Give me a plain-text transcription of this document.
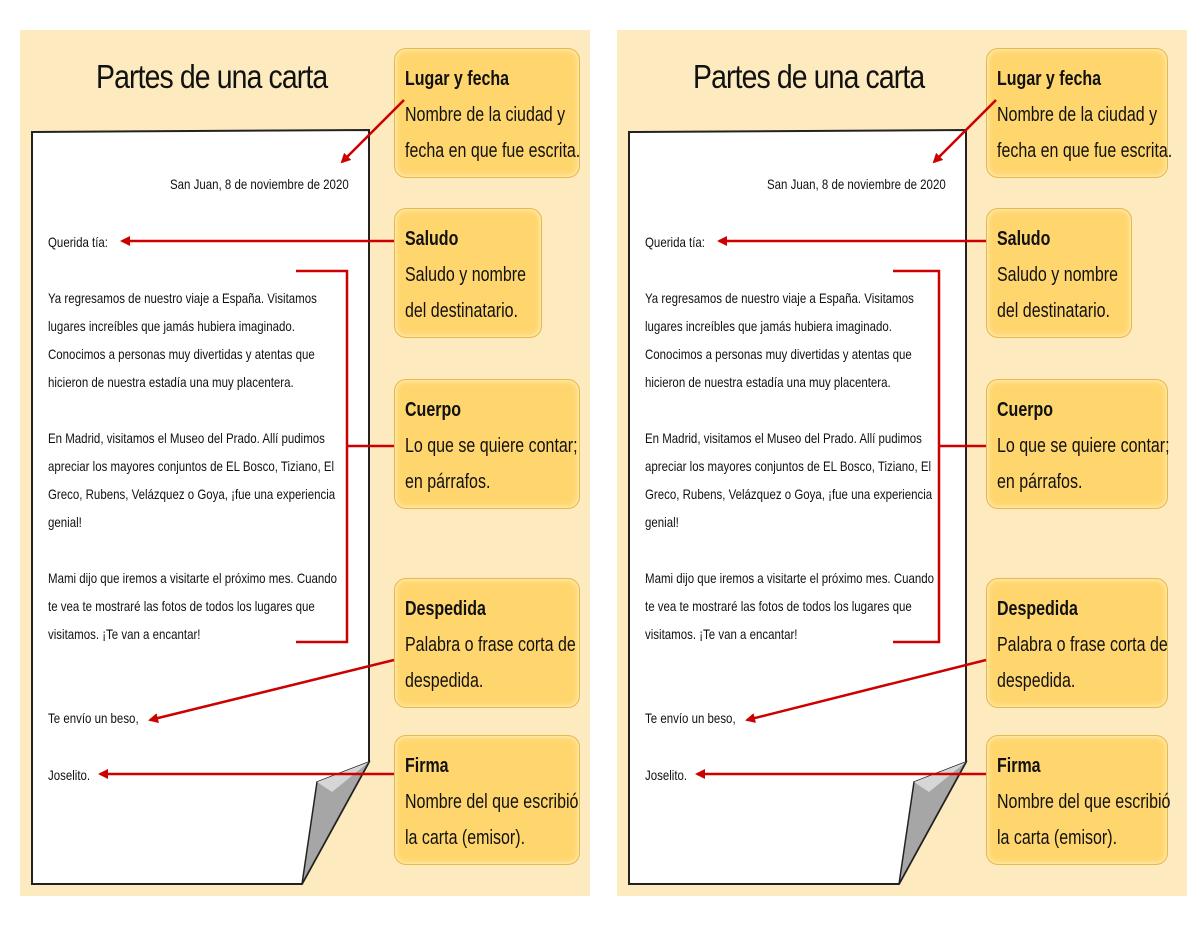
Partes de una carta
San Juan, 8 de noviembre de 2020
Querida tía:
Ya regresamos de nuestro viaje a España. Visitamos
lugares increíbles que jamás hubiera imaginado.
Conocimos a personas muy divertidas y atentas que
hicieron de nuestra estadía una muy placentera.
En Madrid, visitamos el Museo del Prado. Allí pudimos
apreciar los mayores conjuntos de EL Bosco, Tiziano, El
Greco, Rubens, Velázquez o Goya, ¡fue una experiencia
genial!
Mami dijo que iremos a visitarte el próximo mes. Cuando
te vea te mostraré las fotos de todos los lugares que
visitamos. ¡Te van a encantar!
Te envío un beso,
Joselito.
Lugar y fecha
Nombre de la ciudad y
fecha en que fue escrita.
Saludo
Saludo y nombre
del destinatario.
Cuerpo
Lo que se quiere contar;
en párrafos.
Despedida
Palabra o frase corta de
despedida.
Firma
Nombre del que escribió
la carta (emisor).
Partes de una carta
San Juan, 8 de noviembre de 2020
Querida tía:
Ya regresamos de nuestro viaje a España. Visitamos
lugares increíbles que jamás hubiera imaginado.
Conocimos a personas muy divertidas y atentas que
hicieron de nuestra estadía una muy placentera.
En Madrid, visitamos el Museo del Prado. Allí pudimos
apreciar los mayores conjuntos de EL Bosco, Tiziano, El
Greco, Rubens, Velázquez o Goya, ¡fue una experiencia
genial!
Mami dijo que iremos a visitarte el próximo mes. Cuando
te vea te mostraré las fotos de todos los lugares que
visitamos. ¡Te van a encantar!
Te envío un beso,
Joselito.
Lugar y fecha
Nombre de la ciudad y
fecha en que fue escrita.
Saludo
Saludo y nombre
del destinatario.
Cuerpo
Lo que se quiere contar;
en párrafos.
Despedida
Palabra o frase corta de
despedida.
Firma
Nombre del que escribió
la carta (emisor).
